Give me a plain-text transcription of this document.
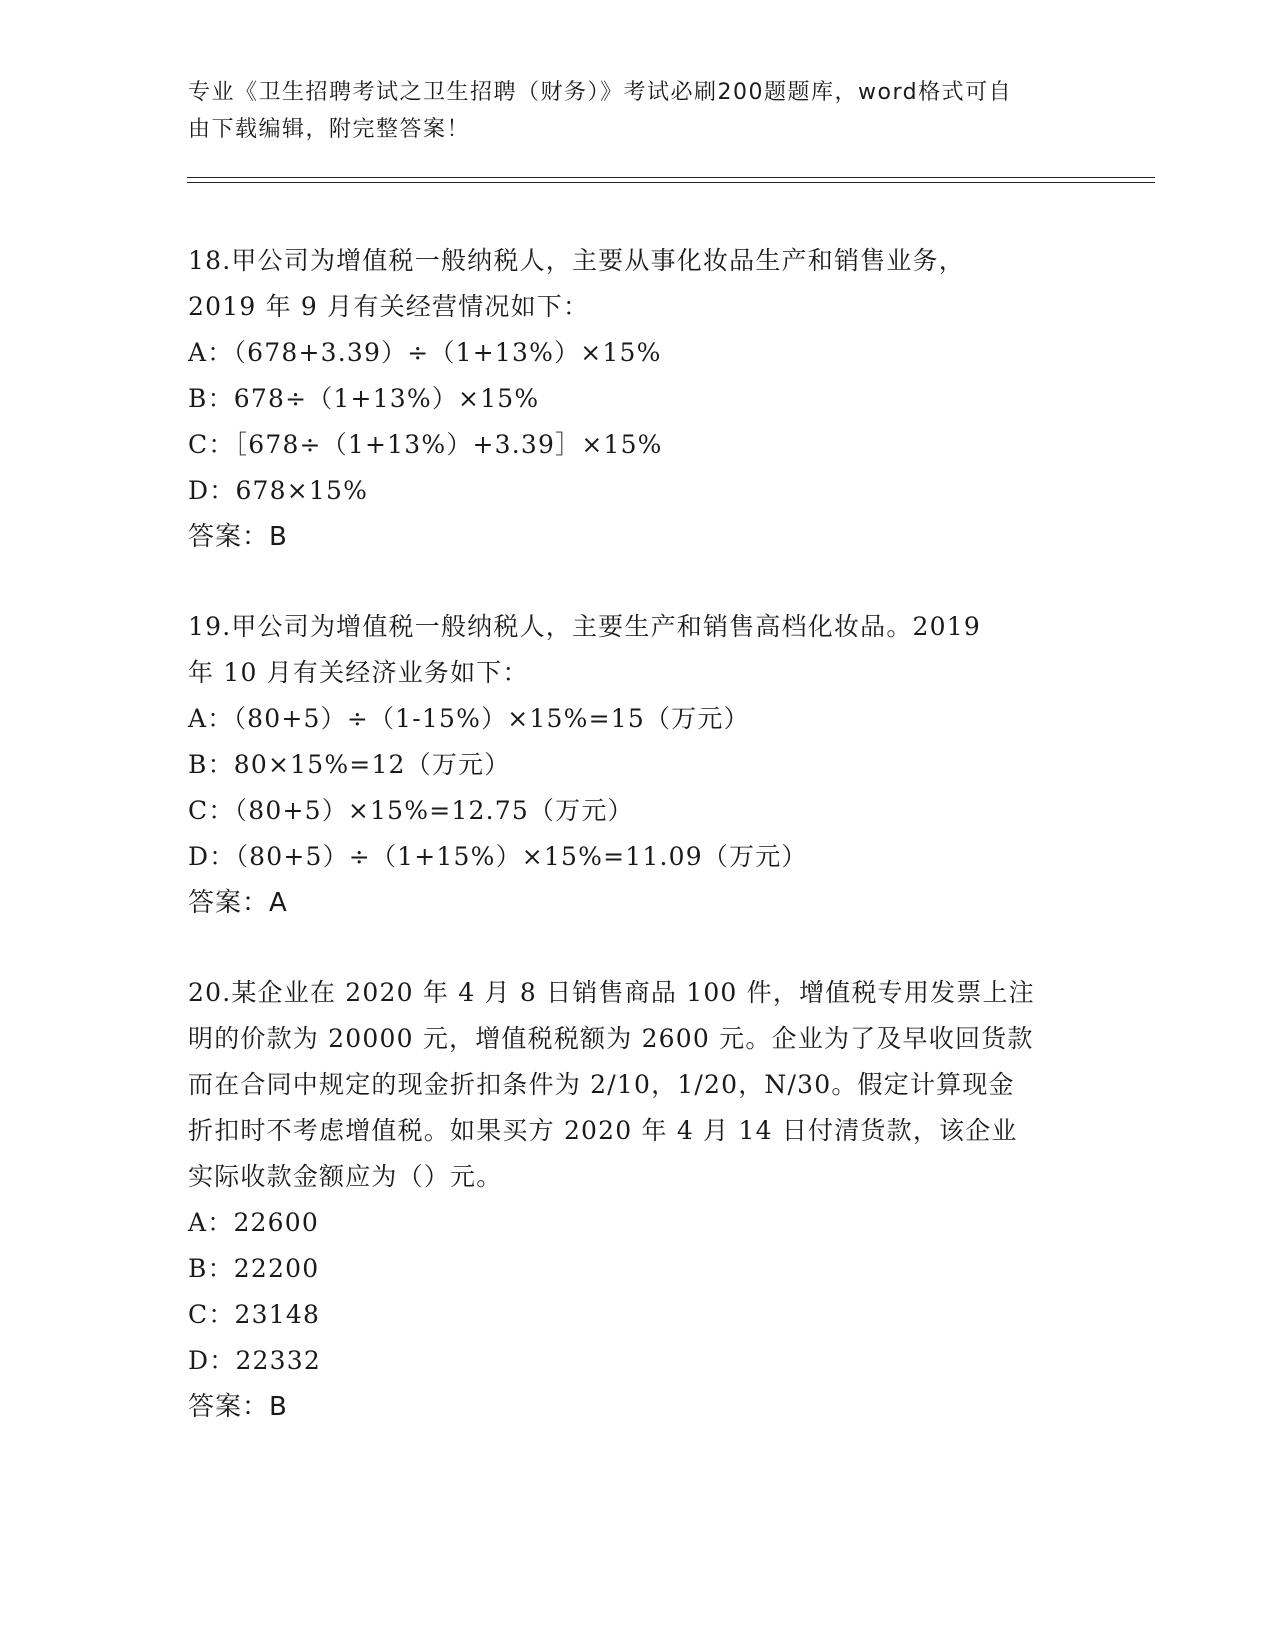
专业《卫生招聘考试之卫生招聘（财务）》考试必刷200题题库，word格式可自
由下载编辑，附完整答案！
18.甲公司为增值税一般纳税人，主要从事化妆品生产和销售业务，
2019 年 9 月有关经营情况如下：
A：（678+3.39）÷（1+13%）×15%
B：678÷（1+13%）×15%
C：［678÷（1+13%）+3.39］×15%
D：678×15%
答案：B
19.甲公司为增值税一般纳税人，主要生产和销售高档化妆品。2019
年 10 月有关经济业务如下：
A：（80+5）÷（1-15%）×15%=15（万元）
B：80×15%=12（万元）
C：（80+5）×15%=12.75（万元）
D：（80+5）÷（1+15%）×15%=11.09（万元）
答案：A
20.某企业在 2020 年 4 月 8 日销售商品 100 件，增值税专用发票上注
明的价款为 20000 元，增值税税额为 2600 元。企业为了及早收回货款
而在合同中规定的现金折扣条件为 2/10，1/20，N/30。假定计算现金
折扣时不考虑增值税。如果买方 2020 年 4 月 14 日付清货款，该企业
实际收款金额应为（）元。
A：22600
B：22200
C：23148
D：22332
答案：B
